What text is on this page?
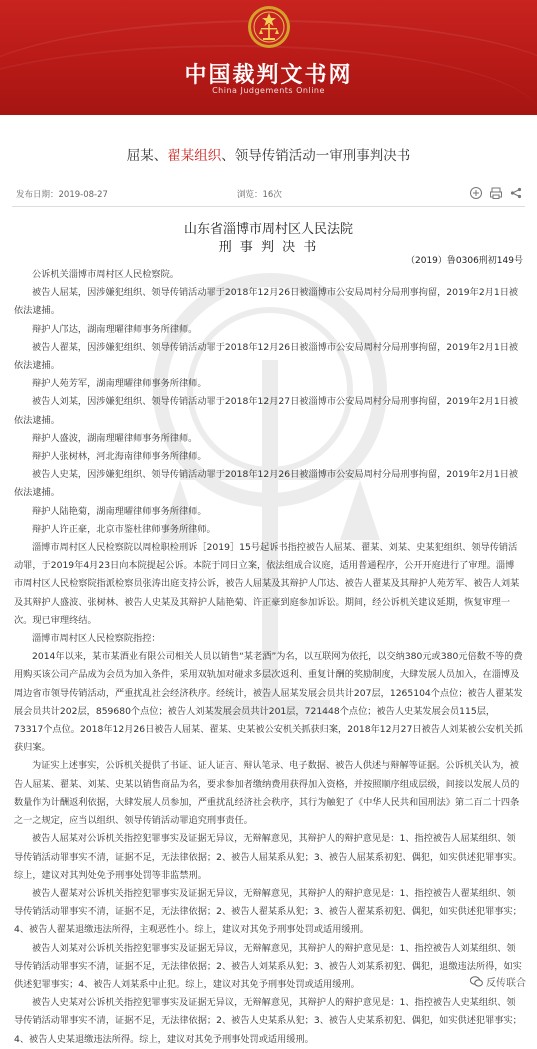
中国裁判文书网
China Judgements Online
屈某、翟某组织、领导传销活动一审刑事判决书
发布日期：2019-08-27	浏览：16次
山东省淄博市周村区人民法院
刑 事 判 决 书
（2019）鲁0306刑初149号

公诉机关淄博市周村区人民检察院。

被告人屈某，因涉嫌犯组织、领导传销活动罪于2018年12月26日被淄博市公安局周村分局刑事拘留，2019年2月1日被依法逮捕。

辩护人邝达，湖南理曜律师事务所律师。

被告人翟某，因涉嫌犯组织、领导传销活动罪于2018年12月26日被淄博市公安局周村分局刑事拘留，2019年2月1日被依法逮捕。

辩护人苑芳军，湖南理曜律师事务所律师。

被告人刘某，因涉嫌犯组织、领导传销活动罪于2018年12月27日被淄博市公安局周村分局刑事拘留，2019年2月1日被依法逮捕。

辩护人盛波，湖南理曜律师事务所律师。

辩护人张树林，河北海南律师事务所律师。

被告人史某，因涉嫌犯组织、领导传销活动罪于2018年12月26日被淄博市公安局周村分局刑事拘留，2019年2月1日被依法逮捕。

辩护人陆艳菊，湖南理曜律师事务所律师。

辩护人许正豪，北京市鉴杜律师事务所律师。

淄博市周村区人民检察院以周检职检刑诉［2019］15号起诉书指控被告人屈某、翟某、刘某、史某犯组织、领导传销活动罪，于2019年4月23日向本院提起公诉。本院于同日立案，依法组成合议庭，适用普通程序，公开开庭进行了审理。淄博市周村区人民检察院指派检察员张涛出庭支持公诉，被告人屈某及其辩护人邝达、被告人翟某及其辩护人苑芳军、被告人刘某及其辩护人盛波、张树林、被告人史某及其辩护人陆艳菊、许正豪到庭参加诉讼。期间，经公诉机关建议延期，恢复审理一次。现已审理终结。

淄博市周村区人民检察院指控：

2014年以来，某市某酒业有限公司相关人员以销售“某老酒”为名，以互联网为依托，以交纳380元或380元倍数不等的费用购买该公司产品成为会员为加入条件，采用双轨加对碰求多层次返利、重复计酬的奖励制度，大肆发展人员加入，在淄博及周边省市领导传销活动，严重扰乱社会经济秩序。经统计，被告人屈某发展会员共计207层，1265104个点位；被告人翟某发展会员共计202层，859680个点位；被告人刘某发展会员共计201层，721448个点位；被告人史某发展会员115层，73317个点位。2018年12月26日被告人屈某、翟某、史某被公安机关抓获归案，2018年12月27日被告人刘某被公安机关抓获归案。

为证实上述事实，公诉机关提供了书证、证人证言、辩认笔录、电子数据、被告人供述与辩解等证据。公诉机关认为，被告人屈某、翟某、刘某、史某以销售商品为名，要求参加者缴纳费用获得加入资格，并按照顺序组成层级，间接以发展人员的数量作为计酬返利依据，大肆发展人员参加，严重扰乱经济社会秩序，其行为触犯了《中华人民共和国刑法》第二百二十四条之一之规定，应当以组织、领导传销活动罪追究刑事责任。

被告人屈某对公诉机关指控犯罪事实及证据无异议，无辩解意见，其辩护人的辩护意见是：1、指控被告人屈某组织、领导传销活动罪事实不清，证据不足，无法律依据；2、被告人屈某系从犯；3、被告人屈某系初犯、偶犯，如实供述犯罪事实。综上，建议对其判处免予刑事处罚等非监禁刑。

被告人翟某对公诉机关指控犯罪事实及证据无异议，无辩解意见，其辩护人的辩护意见是：1、指控被告人翟某组织、领导传销活动罪事实不清，证据不足，无法律依据；2、被告人翟某系从犯；3、被告人翟某系初犯、偶犯，如实供述犯罪事实；4、被告人翟某退缴违法所得，主观恶性小。综上，建议对其免予刑事处罚或适用缓刑。

被告人刘某对公诉机关指控犯罪事实及证据无异议，无辩解意见，其辩护人的辩护意见是：1、指控被告人刘某组织、领导传销活动罪事实不清，证据不足，无法律依据；2、被告人刘某系从犯；3、被告人刘某系初犯、偶犯，退缴违法所得，如实供述犯罪事实；4、被告人刘某系中止犯。综上，建议对其免予刑事处罚或适用缓刑。

被告人史某对公诉机关指控犯罪事实及证据无异议，无辩解意见，其辩护人的辩护意见是：1、指控被告人史某组织、领导传销活动罪事实不清，证据不足，无法律依据；2、被告人史某系从犯；3、被告人史某系初犯、偶犯，如实供述犯罪事实；4、被告人史某退缴违法所得。综上，建议对其免予刑事处罚或适用缓刑。

反传联合
